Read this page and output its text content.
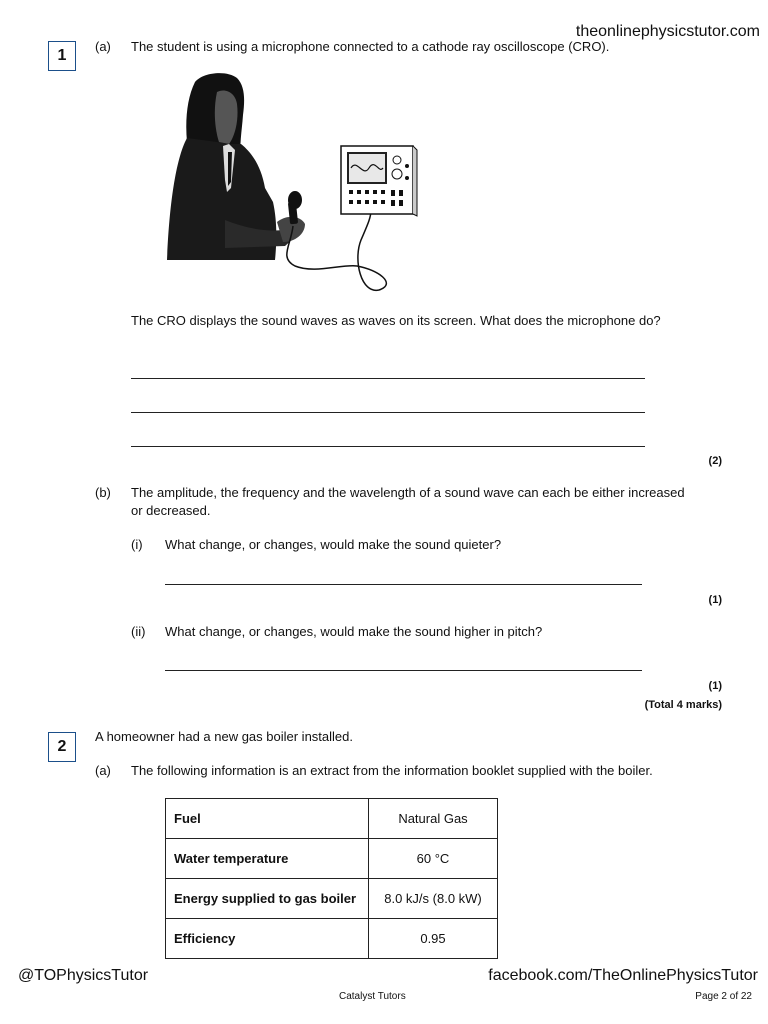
theonlinephysicstutor.com
1
(a) The student is using a microphone connected to a cathode ray oscilloscope (CRO).
The CRO displays the sound waves as waves on its screen. What does the microphone do?
(2)
(b) The amplitude, the frequency and the wavelength of a sound wave can each be either increased or decreased.
(i) What change, or changes, would make the sound quieter?
(1)
(ii) What change, or changes, would make the sound higher in pitch?
(1)
(Total 4 marks)
2
A homeowner had a new gas boiler installed.
(a) The following information is an extract from the information booklet supplied with the boiler.
Fuel	Natural Gas
Water temperature	60 °C
Energy supplied to gas boiler	8.0 kJ/s (8.0 kW)
Efficiency	0.95
@TOPhysicsTutor	facebook.com/TheOnlinePhysicsTutor
Catalyst Tutors	Page 2 of 22
